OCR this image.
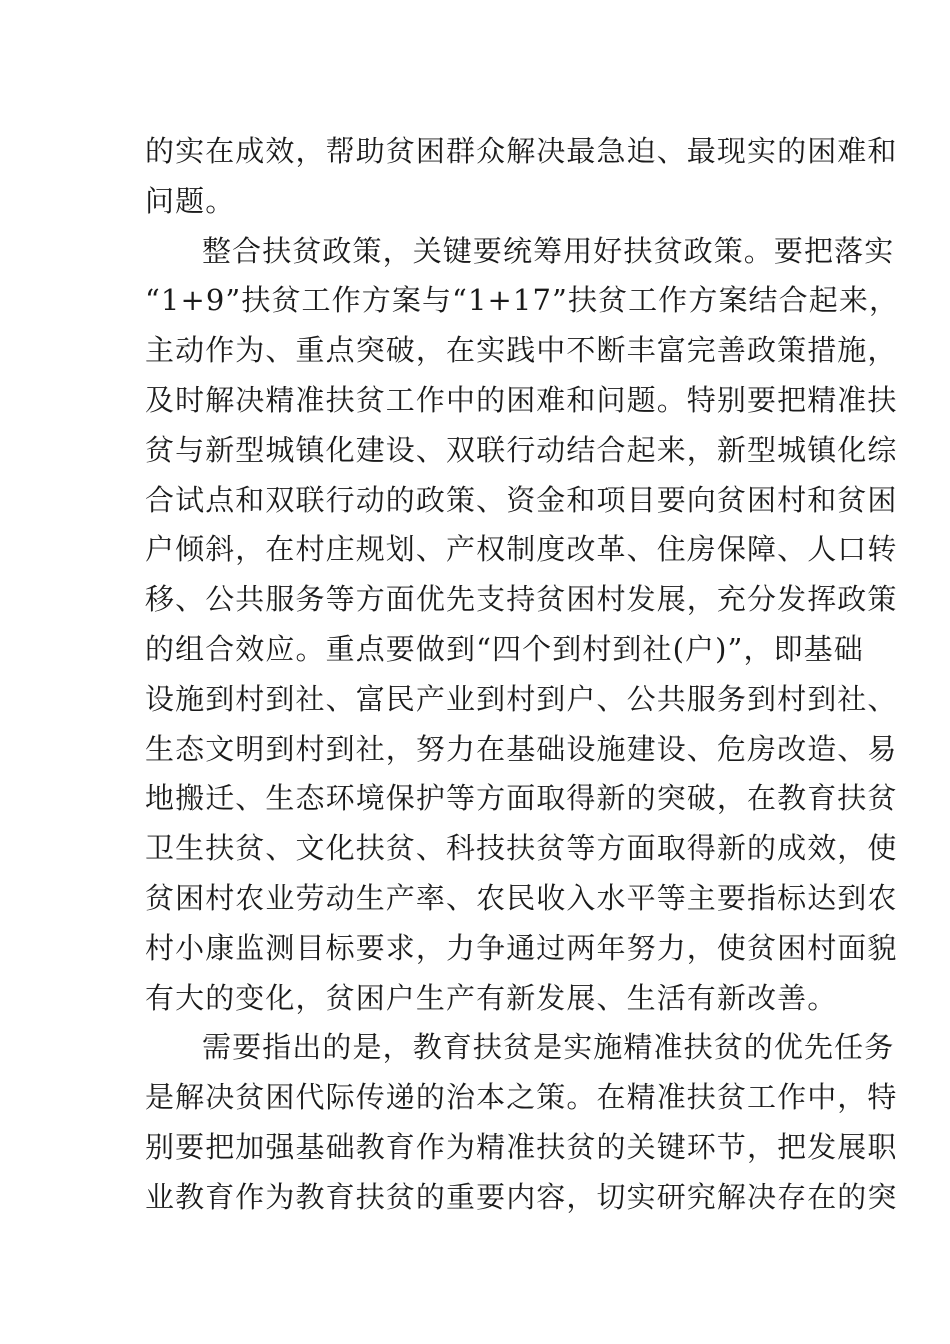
的实在成效，帮助贫困群众解决最急迫、最现实的困难和
问题。
整合扶贫政策，关键要统筹用好扶贫政策。要把落实
“1+9”扶贫工作方案与“1+17”扶贫工作方案结合起来，
主动作为、重点突破，在实践中不断丰富完善政策措施，
及时解决精准扶贫工作中的困难和问题。特别要把精准扶
贫与新型城镇化建设、双联行动结合起来，新型城镇化综
合试点和双联行动的政策、资金和项目要向贫困村和贫困
户倾斜，在村庄规划、产权制度改革、住房保障、人口转
移、公共服务等方面优先支持贫困村发展，充分发挥政策
的组合效应。重点要做到“四个到村到社(户)”，即基础
设施到村到社、富民产业到村到户、公共服务到村到社、
生态文明到村到社，努力在基础设施建设、危房改造、易
地搬迁、生态环境保护等方面取得新的突破，在教育扶贫
卫生扶贫、文化扶贫、科技扶贫等方面取得新的成效，使
贫困村农业劳动生产率、农民收入水平等主要指标达到农
村小康监测目标要求，力争通过两年努力，使贫困村面貌
有大的变化，贫困户生产有新发展、生活有新改善。
需要指出的是，教育扶贫是实施精准扶贫的优先任务
是解决贫困代际传递的治本之策。在精准扶贫工作中，特
别要把加强基础教育作为精准扶贫的关键环节，把发展职
业教育作为教育扶贫的重要内容，切实研究解决存在的突
